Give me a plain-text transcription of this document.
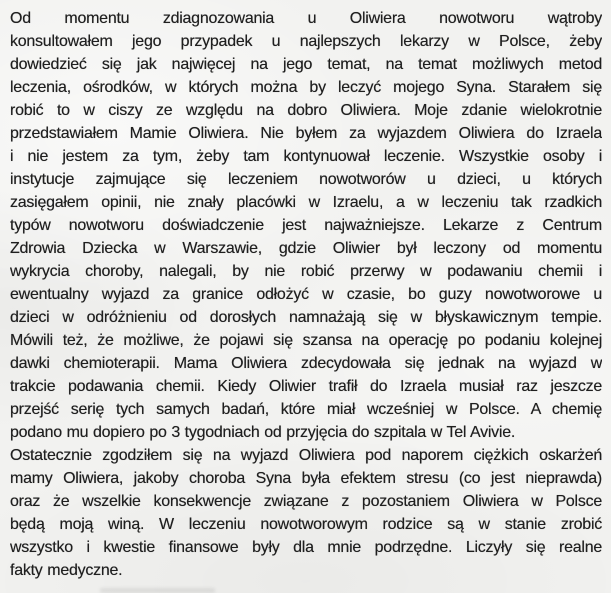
Od momentu zdiagnozowania u Oliwiera nowotworu wątroby
konsultowałem jego przypadek u najlepszych lekarzy w Polsce, żeby
dowiedzieć się jak najwięcej na jego temat, na temat możliwych metod
leczenia, ośrodków, w których można by leczyć mojego Syna. Starałem się
robić to w ciszy ze względu na dobro Oliwiera. Moje zdanie wielokrotnie
przedstawiałem Mamie Oliwiera. Nie byłem za wyjazdem Oliwiera do Izraela
i nie jestem za tym, żeby tam kontynuował leczenie. Wszystkie osoby i
instytucje zajmujące się leczeniem nowotworów u dzieci, u których
zasięgałem opinii, nie znały placówki w Izraelu, a w leczeniu tak rzadkich
typów nowotworu doświadczenie jest najważniejsze. Lekarze z Centrum
Zdrowia Dziecka w Warszawie, gdzie Oliwier był leczony od momentu
wykrycia choroby, nalegali, by nie robić przerwy w podawaniu chemii i
ewentualny wyjazd za granice odłożyć w czasie, bo guzy nowotworowe u
dzieci w odróżnieniu od dorosłych namnażają się w błyskawicznym tempie.
Mówili też, że możliwe, że pojawi się szansa na operację po podaniu kolejnej
dawki chemioterapii. Mama Oliwiera zdecydowała się jednak na wyjazd w
trakcie podawania chemii. Kiedy Oliwier trafił do Izraela musiał raz jeszcze
przejść serię tych samych badań, które miał wcześniej w Polsce. A chemię
podano mu dopiero po 3 tygodniach od przyjęcia do szpitala w Tel Avivie.
Ostatecznie zgodziłem się na wyjazd Oliwiera pod naporem ciężkich oskarżeń
mamy Oliwiera, jakoby choroba Syna była efektem stresu (co jest nieprawda)
oraz że wszelkie konsekwencje związane z pozostaniem Oliwiera w Polsce
będą moją winą. W leczeniu nowotworowym rodzice są w stanie zrobić
wszystko i kwestie finansowe były dla mnie podrzędne. Liczyły się realne
fakty medyczne.
